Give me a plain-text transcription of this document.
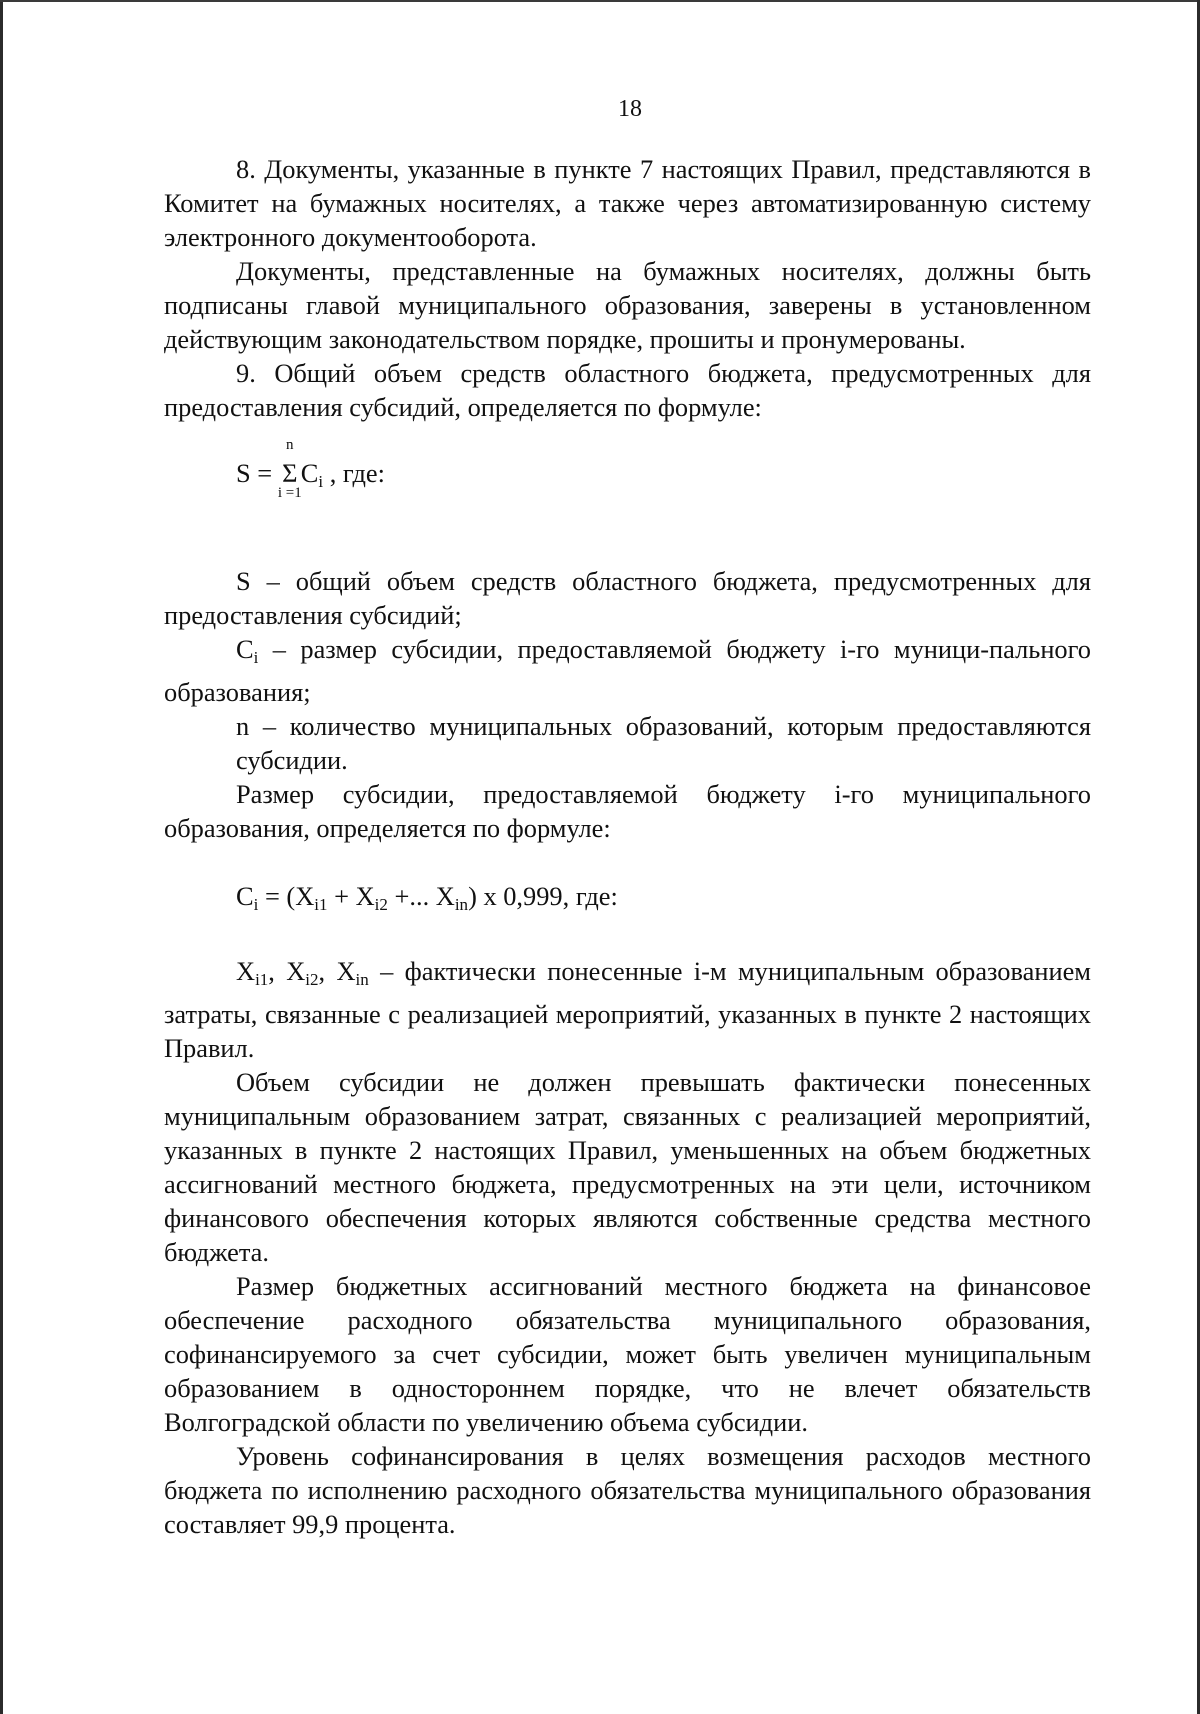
18

8. Документы, указанные в пункте 7 настоящих Правил, представляются в Комитет на бумажных носителях, а также через автоматизированную систему электронного документооборота.

Документы, представленные на бумажных носителях, должны быть подписаны главой муниципального образования, заверены в установленном действующим законодательством порядке, прошиты и пронумерованы.

9. Общий объем средств областного бюджета, предусмотренных для предоставления субсидий, определяется по формуле:

S =
n
Σ
i =1
$C_i$ , где:

S – общий объем средств областного бюджета, предусмотренных для предоставления субсидий;

$C_i$ – размер субсидии, предоставляемой бюджету i-го муници-пального образования;

n – количество муниципальных образований, которым предоставляются субсидии.

Размер субсидии, предоставляемой бюджету i-го муниципального образования, определяется по формуле:

$C_i = (X_{i1} + X_{i2}$ +... $X_{in}$) x 0,999, где:

$X_{i1}$, $X_{i2}$, $X_{in}$ – фактически понесенные i-м муниципальным образованием затраты, связанные с реализацией мероприятий, указанных в пункте 2 настоящих Правил.

Объем субсидии не должен превышать фактически понесенных муниципальным образованием затрат, связанных с реализацией мероприятий, указанных в пункте 2 настоящих Правил, уменьшенных на объем бюджетных ассигнований местного бюджета, предусмотренных на эти цели, источником финансового обеспечения которых являются собственные средства местного бюджета.

Размер бюджетных ассигнований местного бюджета на финансовое обеспечение расходного обязательства муниципального образования, софинансируемого за счет субсидии, может быть увеличен муниципальным образованием в одностороннем порядке, что не влечет обязательств Волгоградской области по увеличению объема субсидии.

Уровень софинансирования в целях возмещения расходов местного бюджета по исполнению расходного обязательства муниципального образования составляет 99,9 процента.
